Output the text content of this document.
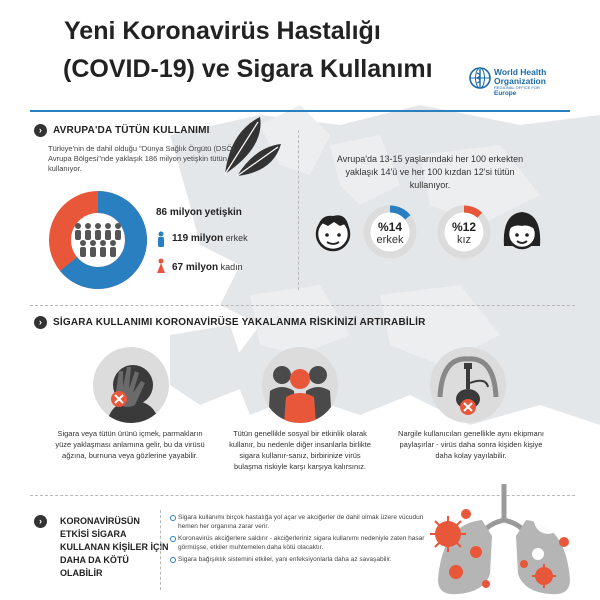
Yeni Koronavirüs Hastalığı
(COVID-19) ve Sigara Kullanımı	World Health
Organization
REGIONAL OFFICE FOR
Europe
›	AVRUPA'DA TÜTÜN KULLANIMI
Türkiye'nin de dahil olduğu "Dünya Sağlık Örgütü (DSÖ) Avrupa Bölgesi"nde yaklaşık 186 milyon yetişkin tütün kullanıyor.
86 milyon yetişkin
119 milyon erkek
67 milyon kadın
Avrupa'da 13-15 yaşlarındaki her 100 erkekten yaklaşık 14'ü ve her 100 kızdan 12'si tütün kullanıyor.
%14
erkek
%12
kız
›	SİGARA KULLANIMI KORONAVİRÜSE YAKALANMA RİSKİNİZİ ARTIRABİLİR
Sigara veya tütün ürünü içmek, parmakların yüze yaklaşması anlamına gelir, bu da virüsü ağzına, burnuna veya gözlerine yayabilir.
Tütün genellikle sosyal bir etkinlik olarak kullanır, bu nedenle diğer insanlarla birlikte sigara kullanır-sanız, birbirinize virüs bulaşma riskiyle karşı karşıya kalırsınız.
Nargile kullanıcıları genellikle aynı ekipmanı paylaşırlar - virüs daha sonra kişiden kişiye daha kolay yayılabilir.
›	KORONAVİRÜSÜN ETKİSİ SİGARA KULLANAN KİŞİLER İÇİN DAHA DA KÖTÜ OLABİLİR
Sigara kullanımı birçok hastalığa yol açar ve akciğerler de dahil olmak üzere vücudun hemen her organına zarar verir.
Koronavirüs akciğerlere saldırır - akciğerleriniz sigara kullanımı nedeniyle zaten hasar görmüşse, etkiler muhtemelen daha kötü olacaktır.
Sigara bağışıklık sistemini etkiler, yani enfeksiyonlarla daha az savaşabilir.
